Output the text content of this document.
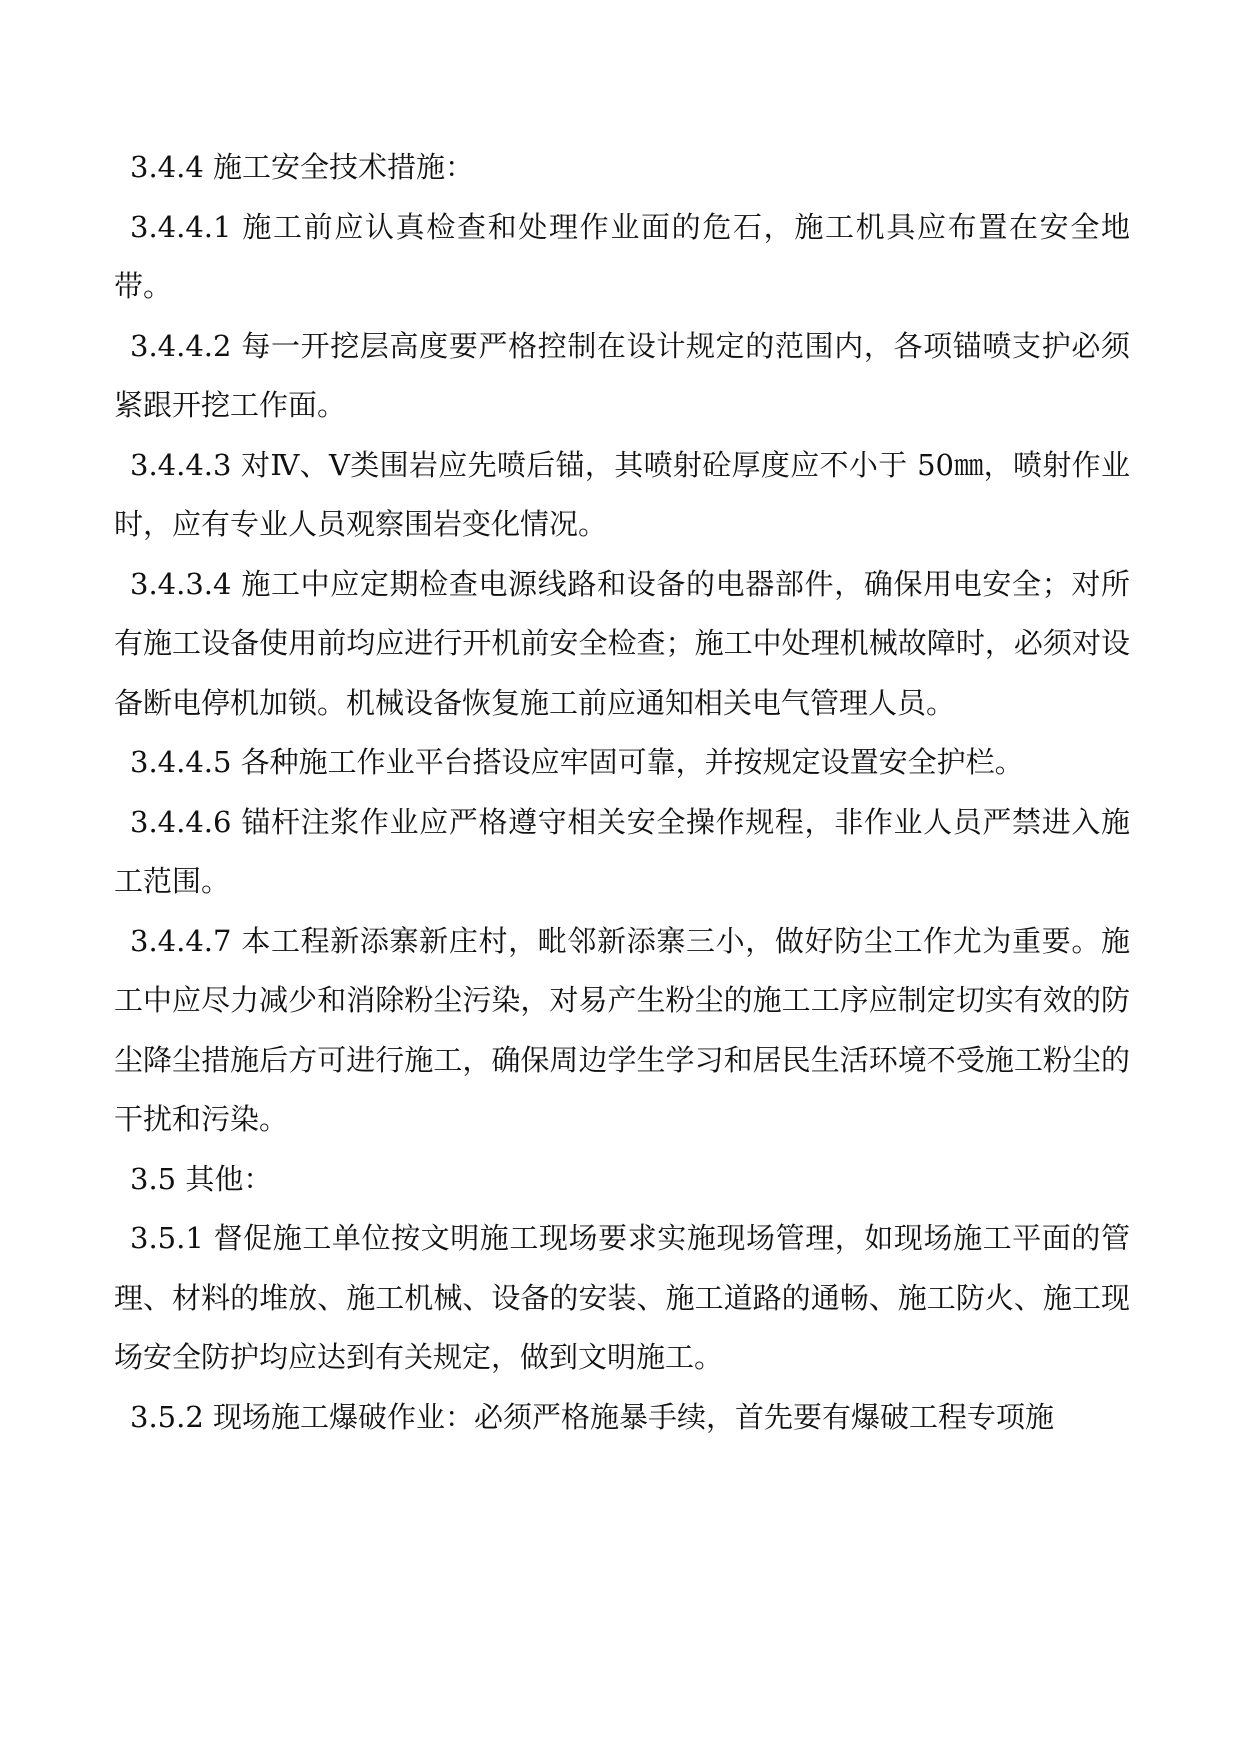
3.4.4 施工安全技术措施：

3.4.4.1 施工前应认真检查和处理作业面的危石，施工机具应布置在安全地带。

3.4.4.2 每一开挖层高度要严格控制在设计规定的范围内，各项锚喷支护必须紧跟开挖工作面。

3.4.4.3 对Ⅳ、Ⅴ类围岩应先喷后锚，其喷射砼厚度应不小于 50㎜，喷射作业时，应有专业人员观察围岩变化情况。

3.4.3.4 施工中应定期检查电源线路和设备的电器部件，确保用电安全；对所有施工设备使用前均应进行开机前安全检查；施工中处理机械故障时，必须对设备断电停机加锁。机械设备恢复施工前应通知相关电气管理人员。

3.4.4.5 各种施工作业平台搭设应牢固可靠，并按规定设置安全护栏。

3.4.4.6 锚杆注浆作业应严格遵守相关安全操作规程，非作业人员严禁进入施工范围。

3.4.4.7 本工程新添寨新庄村，毗邻新添寨三小，做好防尘工作尤为重要。施工中应尽力减少和消除粉尘污染，对易产生粉尘的施工工序应制定切实有效的防尘降尘措施后方可进行施工，确保周边学生学习和居民生活环境不受施工粉尘的干扰和污染。

3.5 其他：

3.5.1 督促施工单位按文明施工现场要求实施现场管理，如现场施工平面的管理、材料的堆放、施工机械、设备的安装、施工道路的通畅、施工防火、施工现场安全防护均应达到有关规定，做到文明施工。

3.5.2 现场施工爆破作业：必须严格施暴手续，首先要有爆破工程专项施
